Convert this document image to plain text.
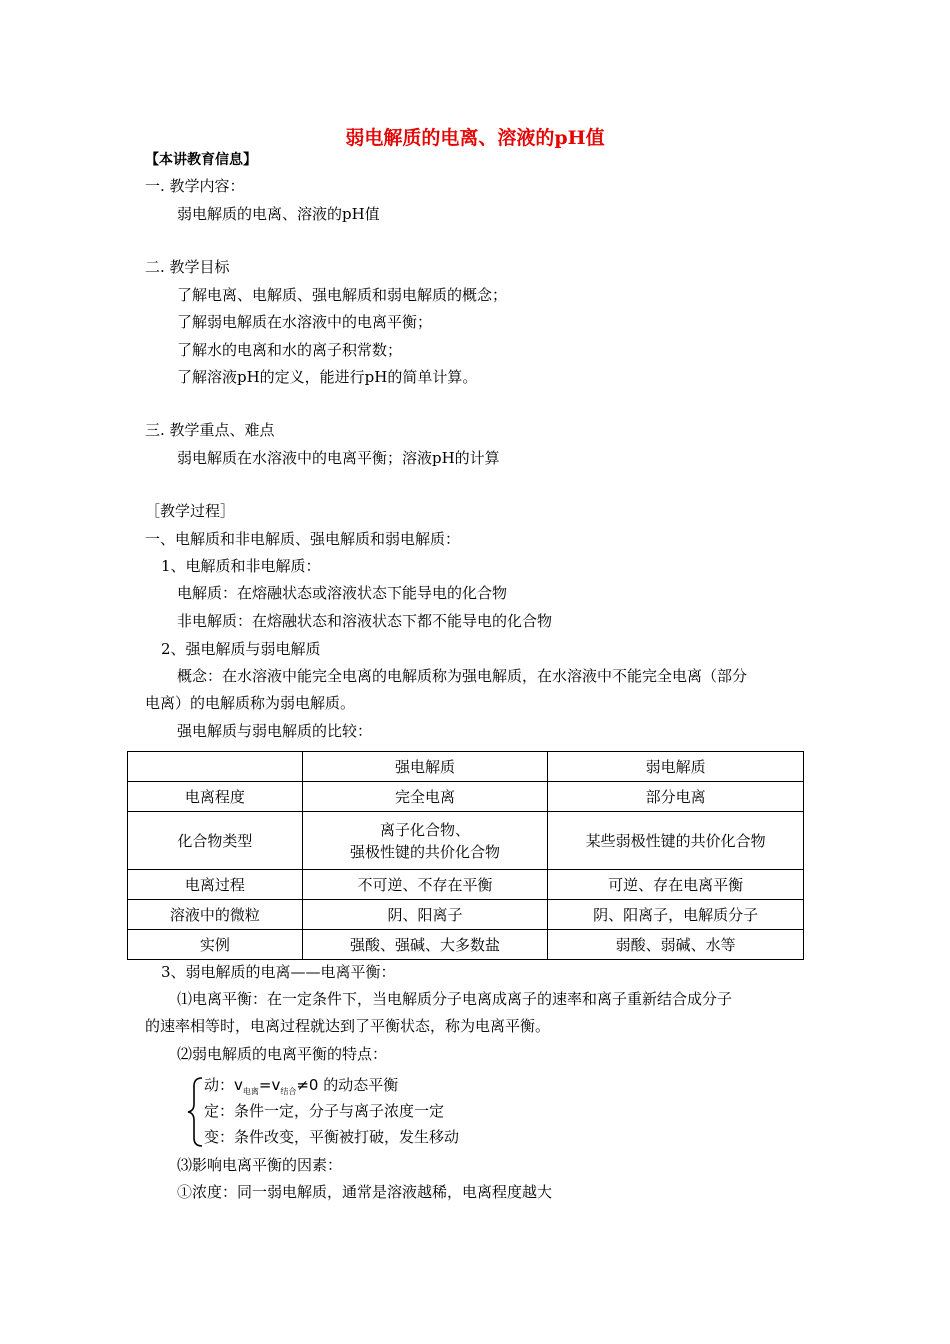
弱电解质的电离、溶液的pH值
【本讲教育信息】
一. 教学内容：
弱电解质的电离、溶液的pH值
二. 教学目标
了解电离、电解质、强电解质和弱电解质的概念；
了解弱电解质在水溶液中的电离平衡；
了解水的电离和水的离子积常数；
了解溶液pH的定义，能进行pH的简单计算。
三. 教学重点、难点
弱电解质在水溶液中的电离平衡；溶液pH的计算
［教学过程］
一、电解质和非电解质、强电解质和弱电解质：
1、电解质和非电解质：
电解质：在熔融状态或溶液状态下能导电的化合物
非电解质：在熔融状态和溶液状态下都不能导电的化合物
2、强电解质与弱电解质
概念：在水溶液中能完全电离的电解质称为强电解质，在水溶液中不能完全电离（部分
电离）的电解质称为弱电解质。
强电解质与弱电解质的比较：
	强电解质	弱电解质
电离程度	完全电离	部分电离
化合物类型	离子化合物、
强极性键的共价化合物	某些弱极性键的共价化合物
电离过程	不可逆、不存在平衡	可逆、存在电离平衡
溶液中的微粒	阴、阳离子	阴、阳离子，电解质分子
实例	强酸、强碱、大多数盐	弱酸、弱碱、水等
3、弱电解质的电离——电离平衡：
⑴电离平衡：在一定条件下，当电解质分子电离成离子的速率和离子重新结合成分子
的速率相等时，电离过程就达到了平衡状态，称为电离平衡。
⑵弱电解质的电离平衡的特点：
动：$v_{电离}=v_{结合}\ne 0$ 的动态平衡
定：条件一定，分子与离子浓度一定
变：条件改变，平衡被打破，发生移动
⑶影响电离平衡的因素：
①浓度：同一弱电解质，通常是溶液越稀，电离程度越大
